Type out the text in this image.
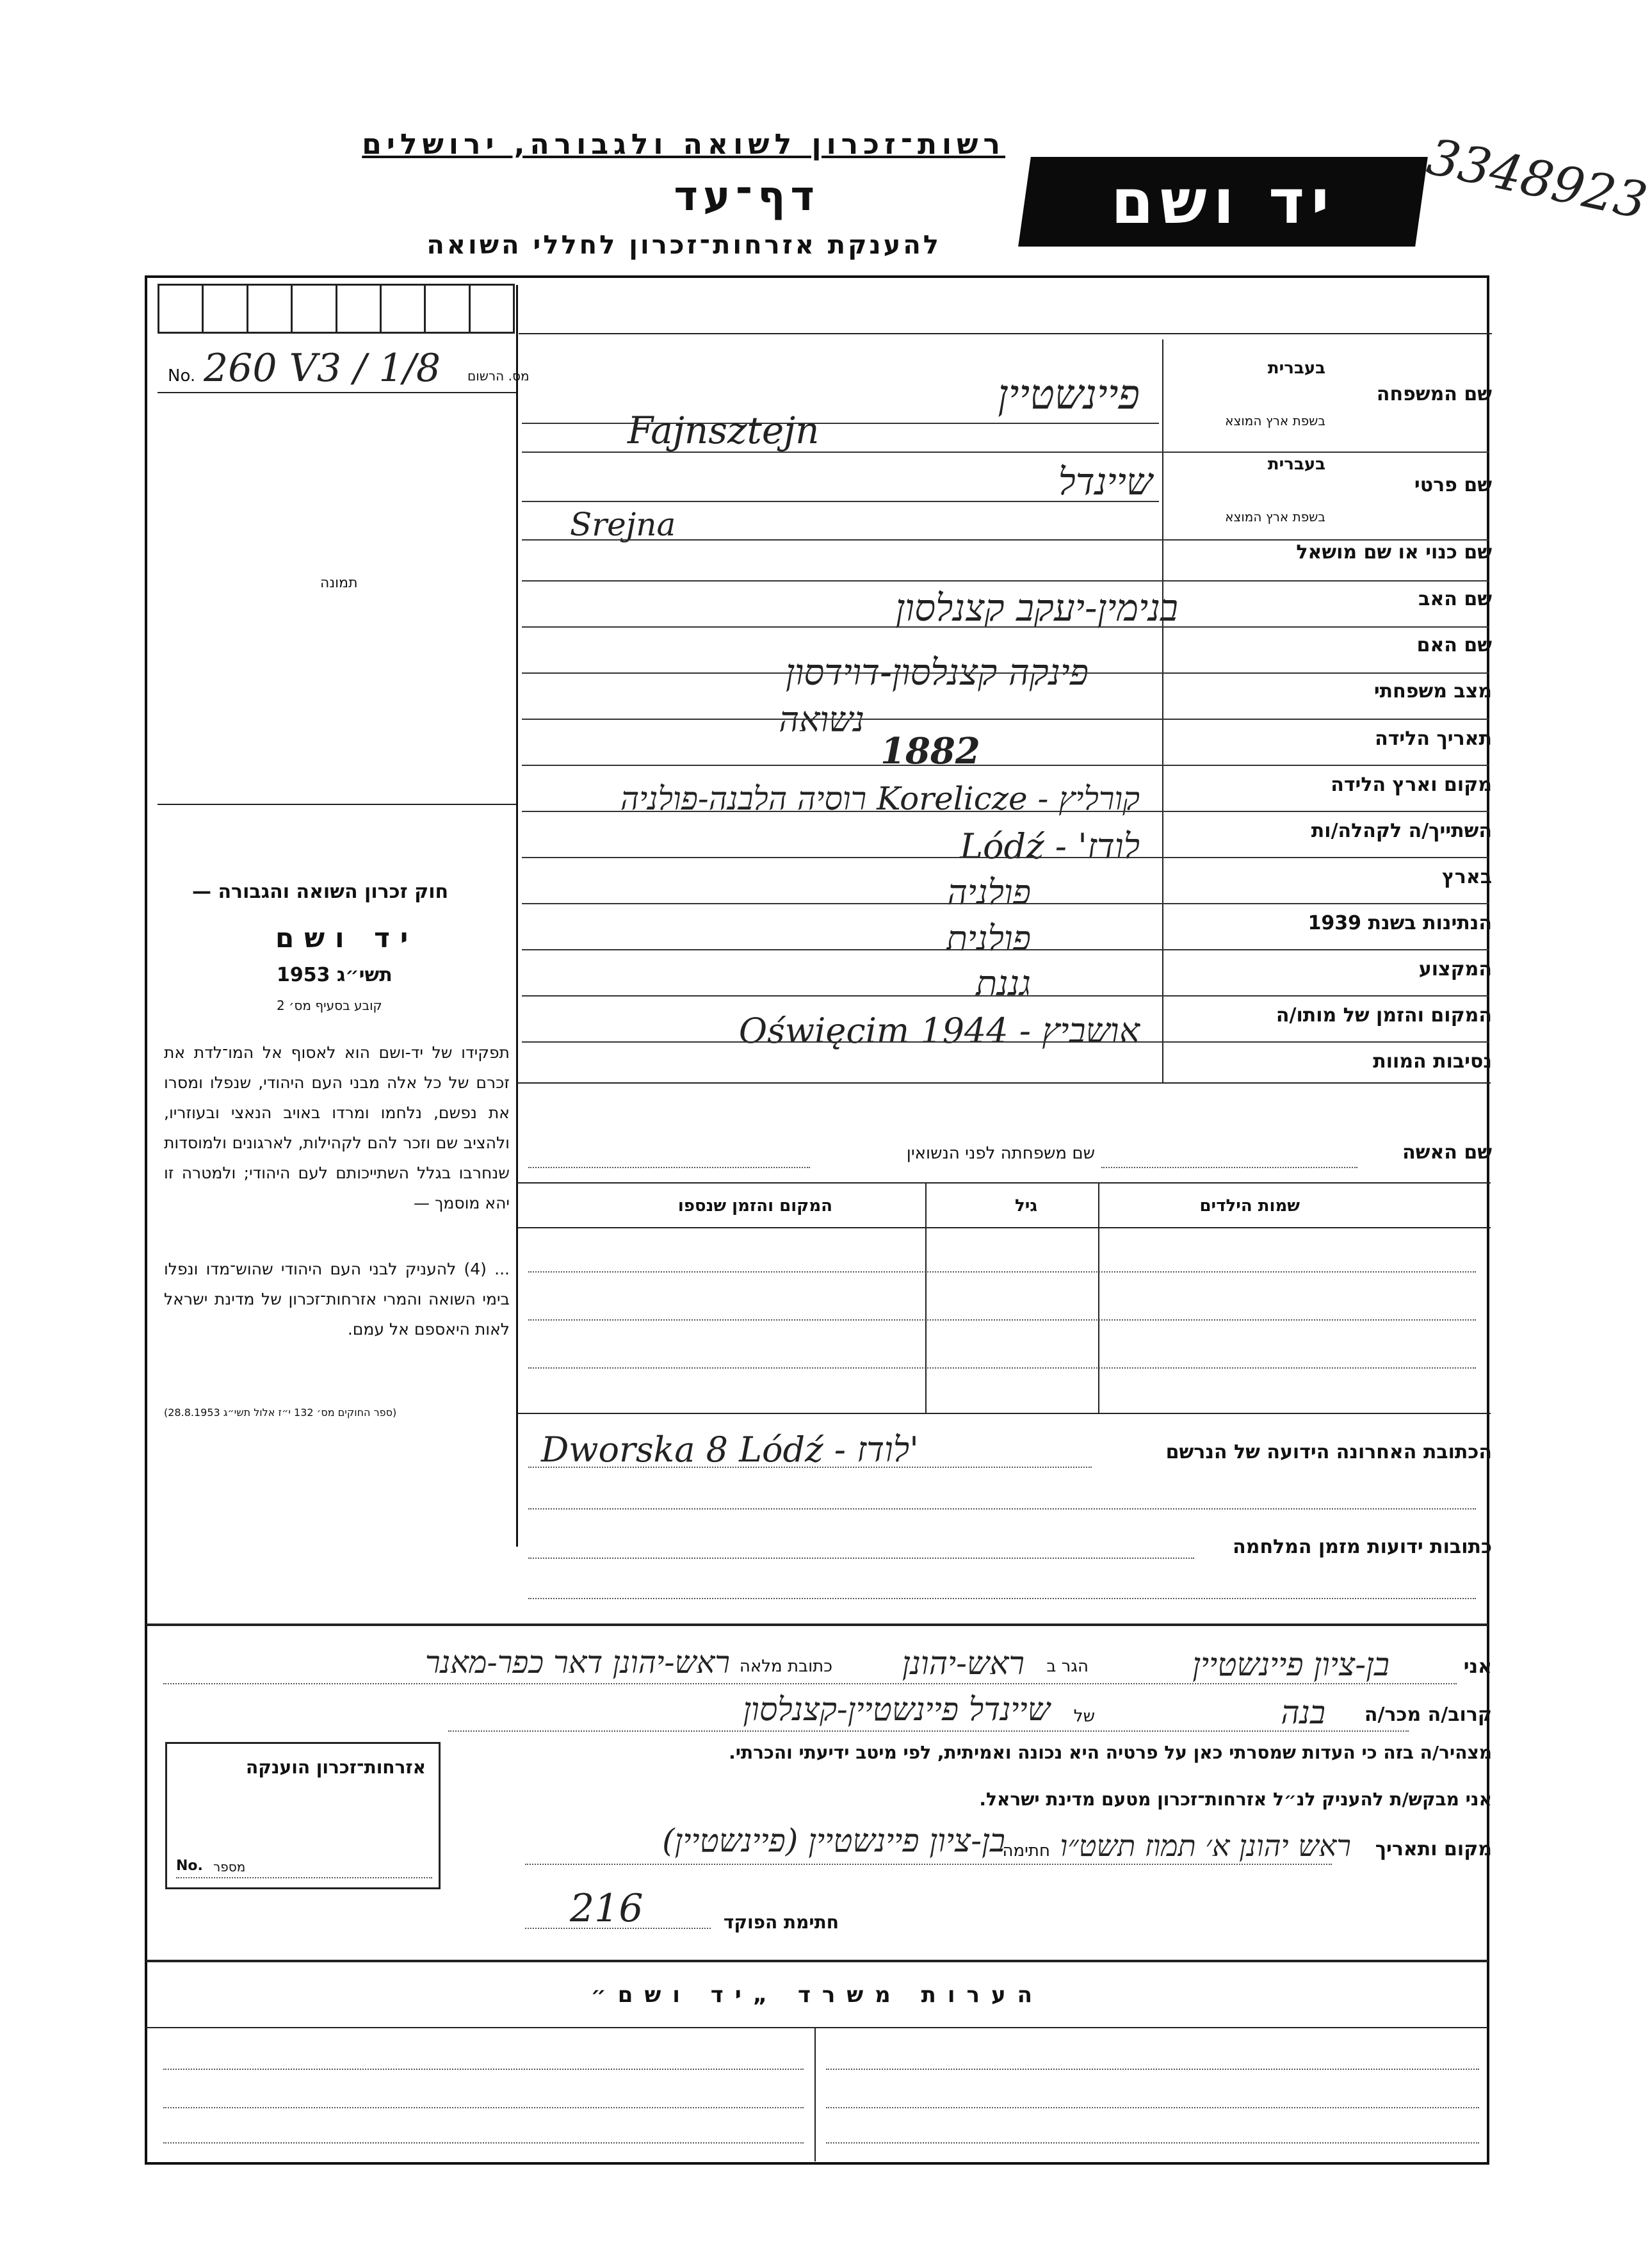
רשות־זכרון לשואה ולגבורה, ירושלים
דף־עד
להענקת אזרחות־זכרון לחללי השואה
יד ושם 3348923
No. 260 V3 / 1/8 מס. הרשום
תמונה
חוק זכרון השואה והגבורה —
יד ושם
תשי״ג 1953
קובע בסעיף מס׳ 2
תפקידו של יד-ושם הוא לאסוף אל המו־לדת את זכרם של כל אלה מבני העם היהודי, שנפלו ומסרו את נפשם, נלחמו ומרדו באויב הנאצי ובעוזריו, ולהציב שם וזכר להם לקהילות, לארגונים ולמוסדות שנחרבו בגלל השתייכותם לעם היהודי; ולמטרה זו יהא מוסמך —
... (4) להעניק לבני העם היהודי שהוש־מדו ונפלו בימי השואה והמרי אזרחות־זכרון של מדינת ישראל לאות היאספם אל עמם.
(ספר החוקים מס׳ 132 י״ז אלול תשי״ג 28.8.1953)
שם המשפחה
בעברית
בשפת ארץ המוצא
פיינשטיין
Fajnsztejn
שם פרטי
בעברית
בשפת ארץ המוצא
שיינדל
Srejna
שם כנוי או שם מושאל
שם האב
בנימין-יעקב קצנלסון
שם האם
פינקה קצנלסון-דוידסון	מצב משפחתי
נשואה	תאריך הלידה
1882
מקום וארץ הלידה
קורליץ - Korelicze רוסיה הלבנה-פולניה
השתייך/ה לקהלה/ות
לודז' - Lódź
בארץ
פולניה
הנתינות בשנת 1939
פולנית
המקצוע
גננת
המקום והזמן של מותו/ה
אושביץ - Oświęcim 1944
נסיבות המוות
שם האשה
שם משפחתה לפני הנשואין
שמות הילדים
גיל
המקום והזמן שנספו
הכתובת האחרונה הידועה של הנרשם
Dworska 8 Lódź - לודז'
כתובות ידועות מזמן המלחמה
אני
בן-ציון פיינשטיין
הגר ב
ראש-יהונן
כתובת מלאה
ראש-יהונן דאר כפר-מאנר
קרוב/ה מכר/ה
בנה
של
שיינדל פיינשטיין-קצנלסון
מצהיר/ה בזה כי העדות שמסרתי כאן על פרטיה היא נכונה ואמיתית, לפי מיטב ידיעתי והכרתי.
אני מבקש/ת להעניק לנ״ל אזרחות־זכרון מטעם מדינת ישראל.
מקום ותאריך
ראש יהונן א׳ תמוז תשט״ו
חתימה
בן-ציון פיינשטיין (פיינשטיין)
חתימת הפוקד
216
אזרחות־זכרון הוענקה
No. מספר
הערות משרד „יד ושם״
